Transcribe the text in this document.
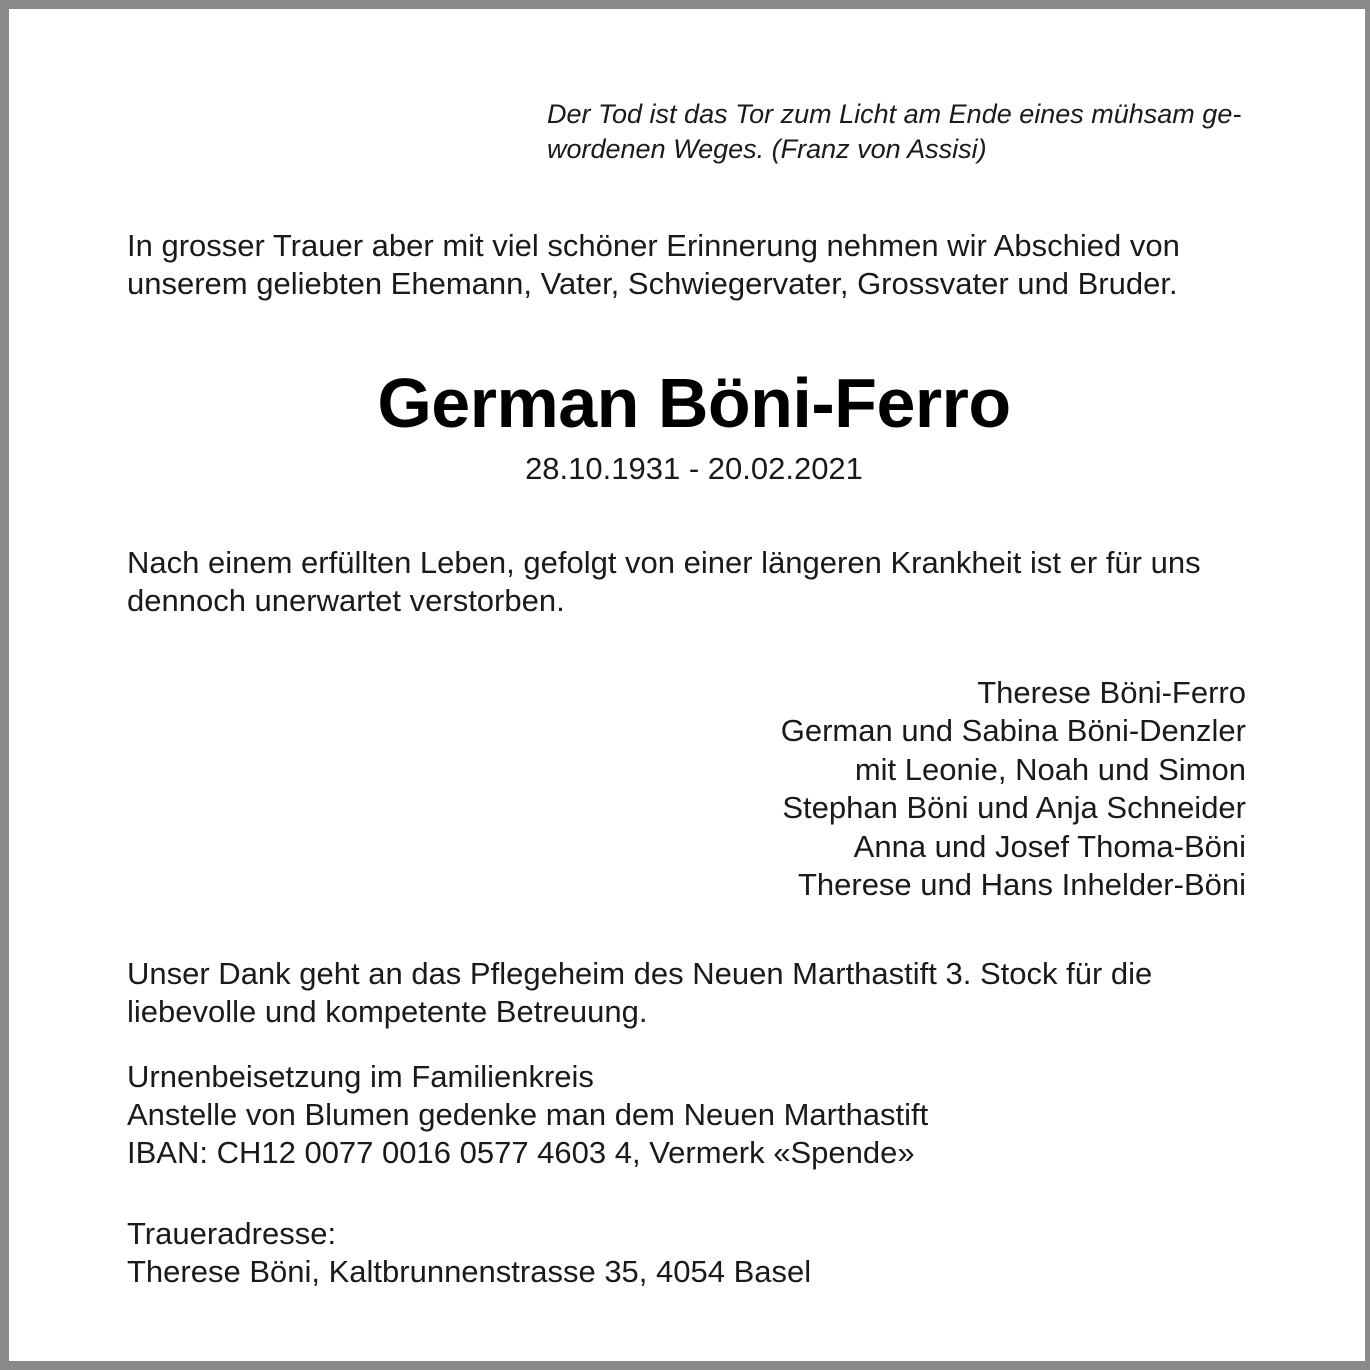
Der Tod ist das Tor zum Licht am Ende eines mühsam ge-
wordenen Weges. (Franz von Assisi)
In grosser Trauer aber mit viel schöner Erinnerung nehmen wir Abschied von
unserem geliebten Ehemann, Vater, Schwiegervater, Grossvater und Bruder.
German Böni-Ferro
28.10.1931 - 20.02.2021
Nach einem erfüllten Leben, gefolgt von einer längeren Krankheit ist er für uns
dennoch unerwartet verstorben.
Therese Böni-Ferro
German und Sabina Böni-Denzler
mit Leonie, Noah und Simon
Stephan Böni und Anja Schneider
Anna und Josef Thoma-Böni
Therese und Hans Inhelder-Böni
Unser Dank geht an das Pflegeheim des Neuen Marthastift 3. Stock für die
liebevolle und kompetente Betreuung.
Urnenbeisetzung im Familienkreis
Anstelle von Blumen gedenke man dem Neuen Marthastift
IBAN: CH12 0077 0016 0577 4603 4, Vermerk «Spende»
Traueradresse:
Therese Böni, Kaltbrunnenstrasse 35, 4054 Basel
